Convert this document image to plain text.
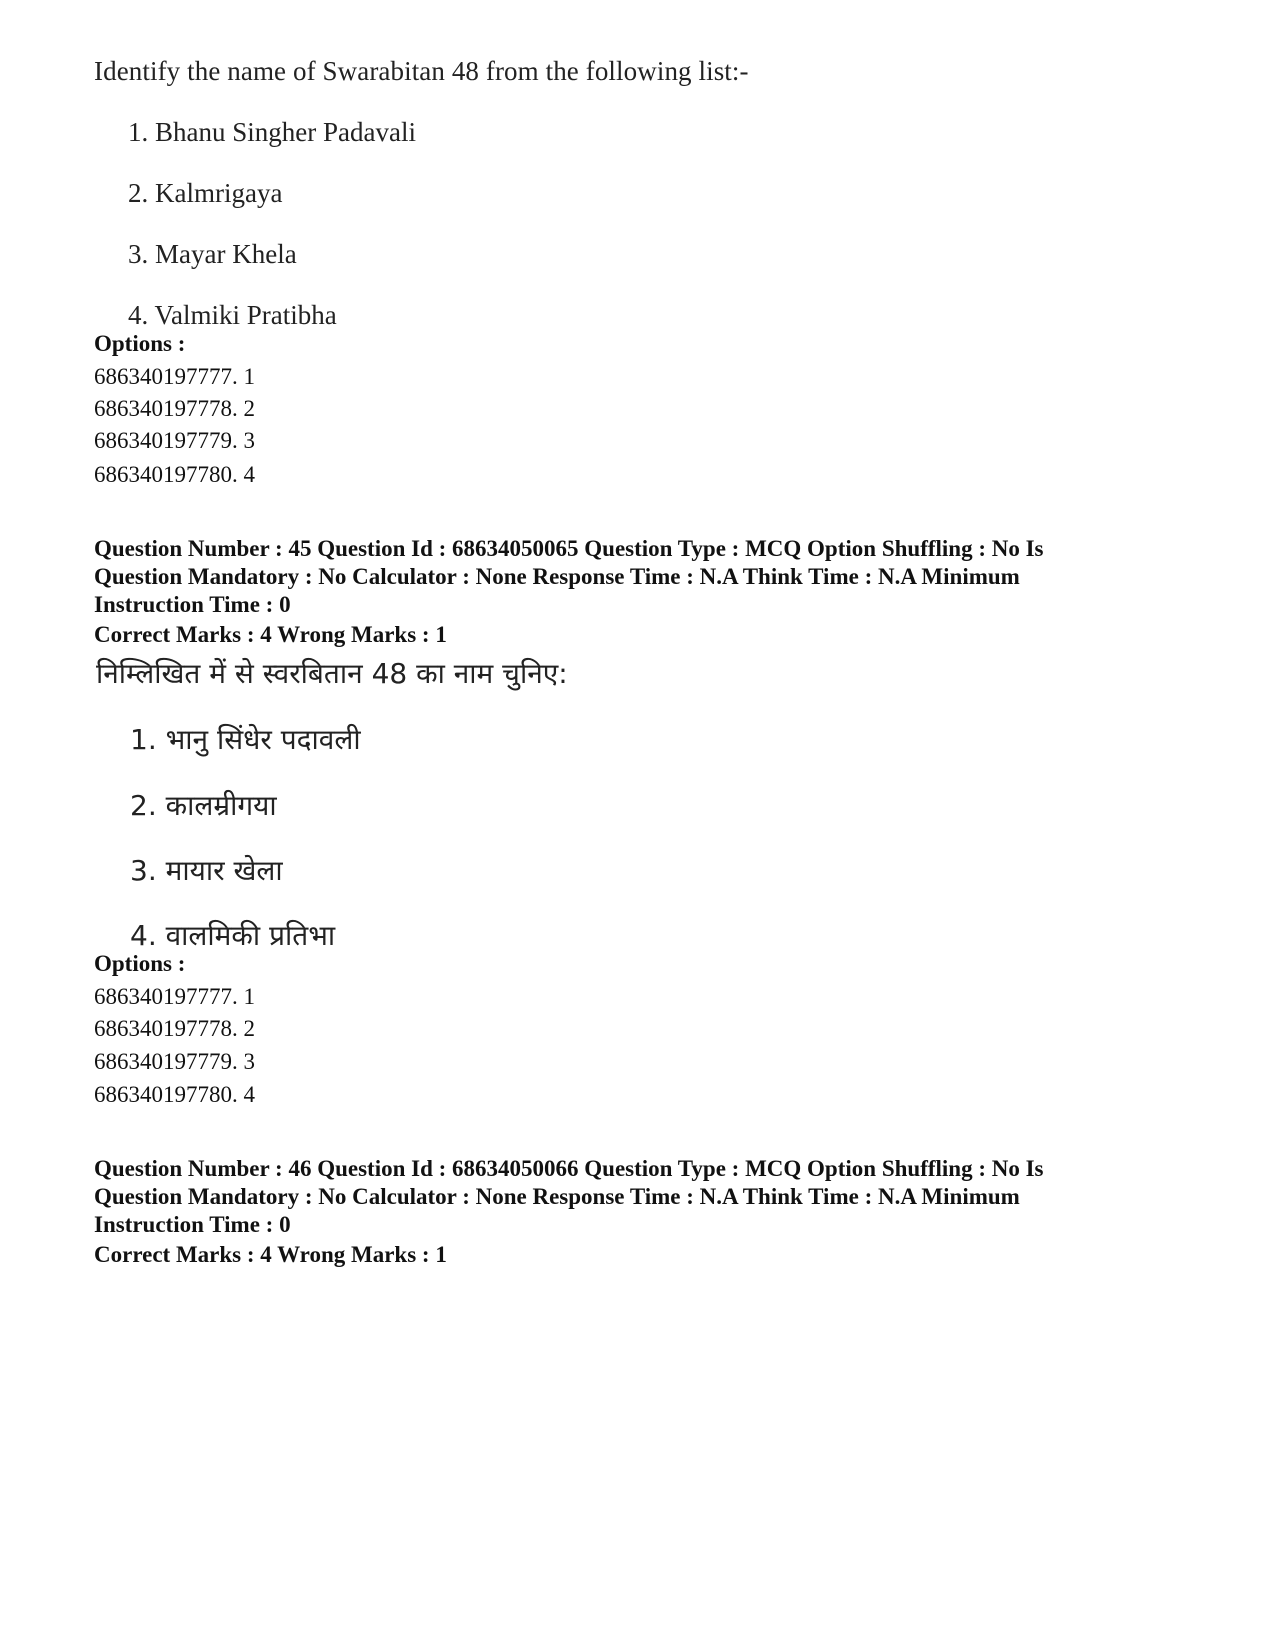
Identify the name of Swarabitan 48 from the following list:-
1. Bhanu Singher Padavali
2. Kalmrigaya
3. Mayar Khela
4. Valmiki Pratibha
Options :
686340197777. 1
686340197778. 2
686340197779. 3
686340197780. 4
Question Number : 45 Question Id : 68634050065 Question Type : MCQ Option Shuffling : No Is
Question Mandatory : No Calculator : None Response Time : N.A Think Time : N.A Minimum
Instruction Time : 0
Correct Marks : 4 Wrong Marks : 1
निम्लिखित में से स्वरबितान 48 का नाम चुनिए:
1. भानु सिंधेर पदावली
2. कालम्रीगया
3. मायार खेला
4. वालमिकी प्रतिभा
Options :
686340197777. 1
686340197778. 2
686340197779. 3
686340197780. 4
Question Number : 46 Question Id : 68634050066 Question Type : MCQ Option Shuffling : No Is
Question Mandatory : No Calculator : None Response Time : N.A Think Time : N.A Minimum
Instruction Time : 0
Correct Marks : 4 Wrong Marks : 1
